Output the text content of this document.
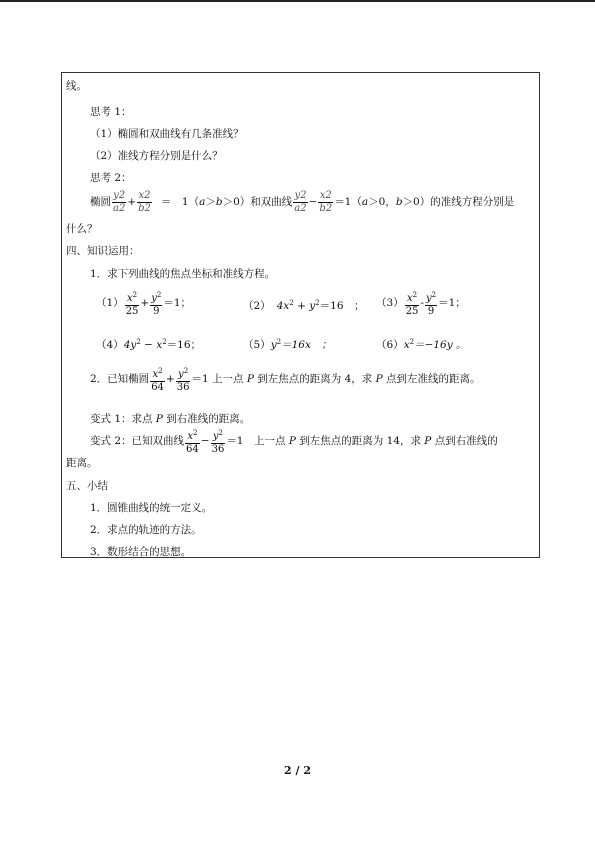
线。
思考 1：
（1）椭圆和双曲线有几条准线？
（2）准线方程分别是什么？
思考 2：
椭圆 $\frac{y2}{a2} + \frac{x2}{b2}$ ＝　1（a＞b＞0）和双曲线 $\frac{y2}{a2} - \frac{x2}{b2} =1(a>0$，b＞0）的准线方程分别是
什么？
四、知识运用：
1．求下列曲线的焦点坐标和准线方程。
$(1) \frac{x^2}{25} + \frac{y^2}{9} =1$；	（2） $4x^2 + y^2=16$　； $(3) \frac{x^2}{25} - \frac{y^2}{9} =1$；
$(4)4y^2 - x^2=16$；	$(5)y^2=16x$　；	$(6)x^2=-16y$ 。
2．已知椭圆 $\frac{x^2}{64} + \frac{y^2}{36} =1$ 上一点 P 到左焦点的距离为 4，求 P 点到左准线的距离。
变式 1：求点 P 到右准线的距离。
变式 2：已知双曲线 $\frac{x^2}{64} - \frac{y^2}{36} =1$　上一点 P 到左焦点的距离为 14，求 P 点到右准线的
距离。
五、小结
1．圆锥曲线的统一定义。
2．求点的轨迹的方法。
3．数形结合的思想。
2 / 2
